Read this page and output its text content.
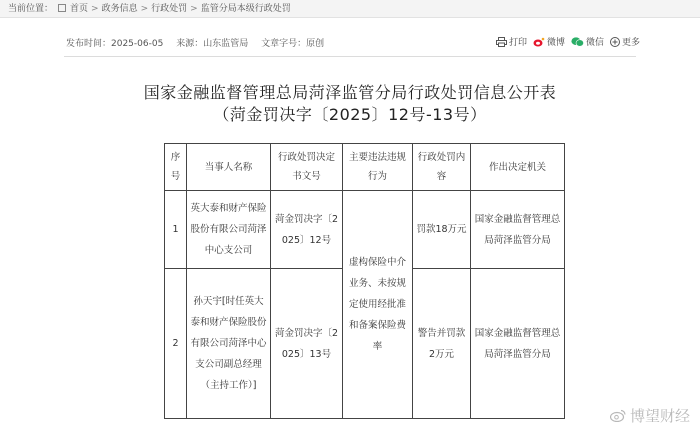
当前位置： 首页 > 政务信息 > 行政处罚 > 监管分局本级行政处罚
发布时间：2025-06-05 来源：山东监管局 文章字号：原创	打印 微博 微信 更多
国家金融监督管理总局菏泽监管分局行政处罚信息公开表
（菏金罚决字〔2025〕12号-13号）
序号	当事人名称	行政处罚决定书文号	主要违法违规行为	行政处罚内容	作出决定机关
1	英大泰和财产保险股份有限公司菏泽中心支公司	菏金罚决字〔2025〕12号	虚构保险中介业务、未按规定使用经批准和备案保险费率	罚款18万元	国家金融监督管理总局菏泽监管分局
2	孙天宇[时任英大泰和财产保险股份有限公司菏泽中心支公司副总经理（主持工作）]	菏金罚决字〔2025〕13号		警告并罚款2万元	国家金融监督管理总局菏泽监管分局
博望财经
